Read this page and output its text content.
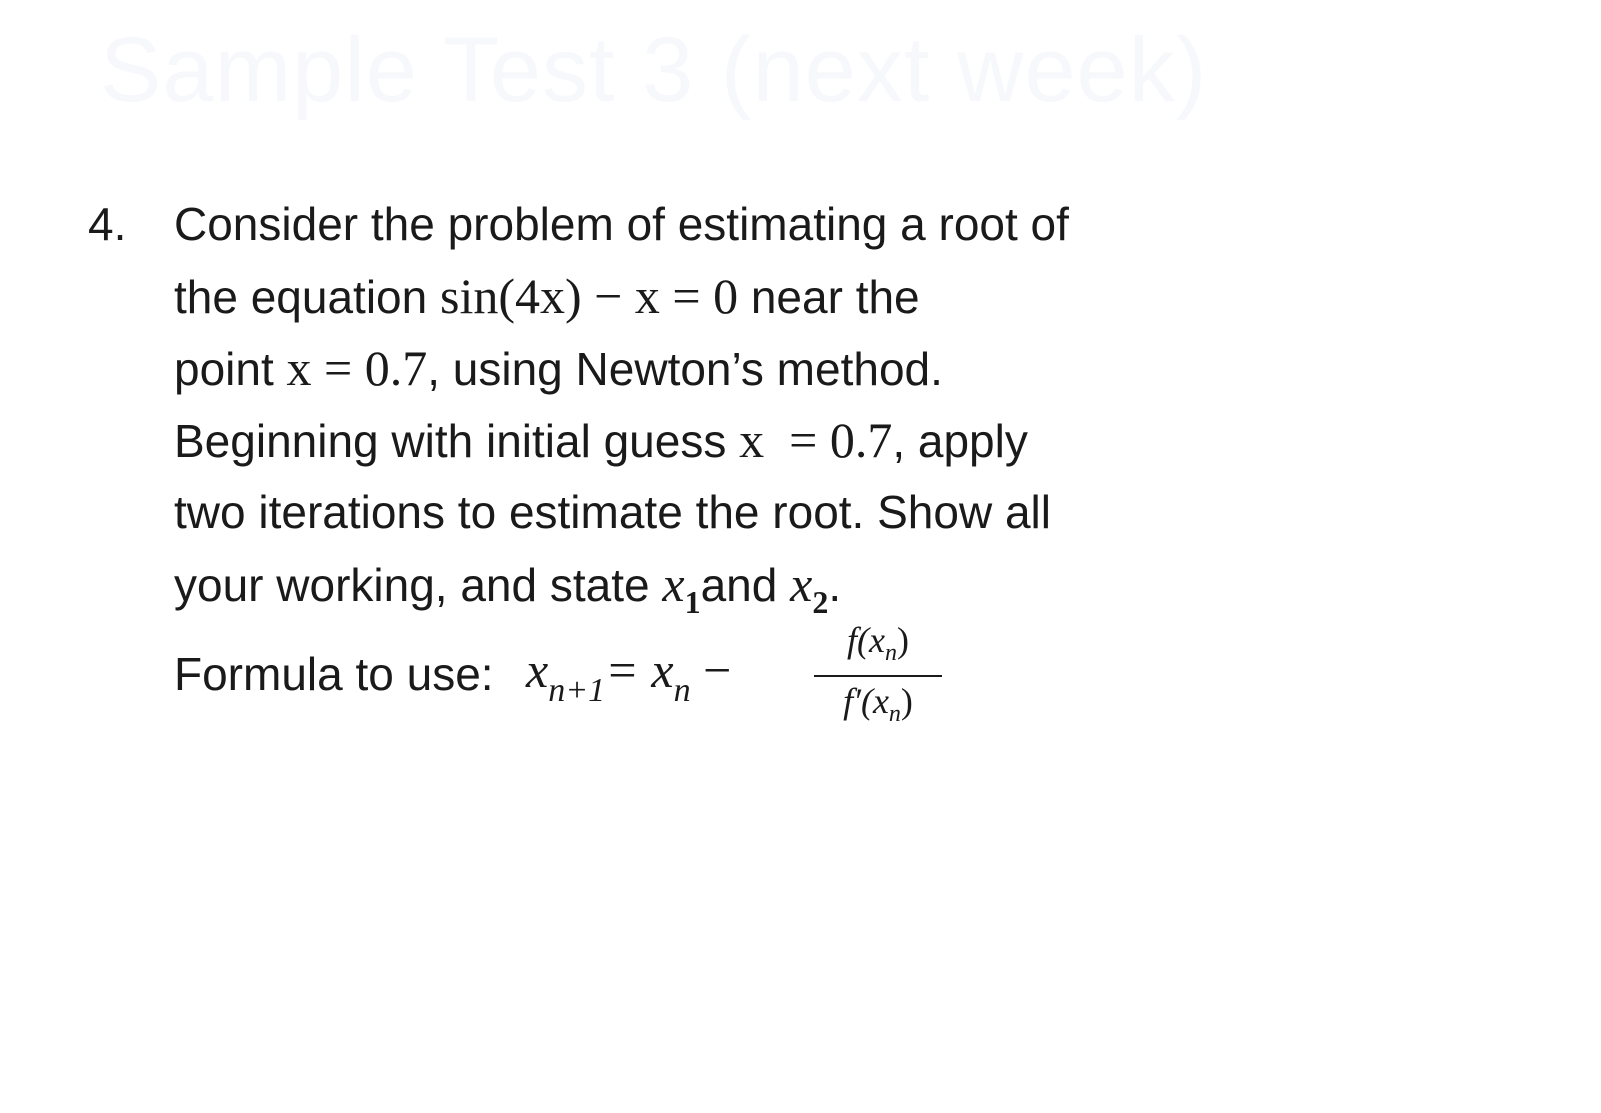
Sample Test 3 (next week)
4. Consider the problem of estimating a root of
the equation sin(4x) − x = 0 near the
point x = 0.7, using Newton’s method.
Beginning with initial guess x  = 0.7, apply
two iterations to estimate the root. Show all
your working, and state $x_1and$ $x_2$.
Formula to use: $x_{n+1}= x_n - \frac{f(x_n)}{f'(x_n)}$
